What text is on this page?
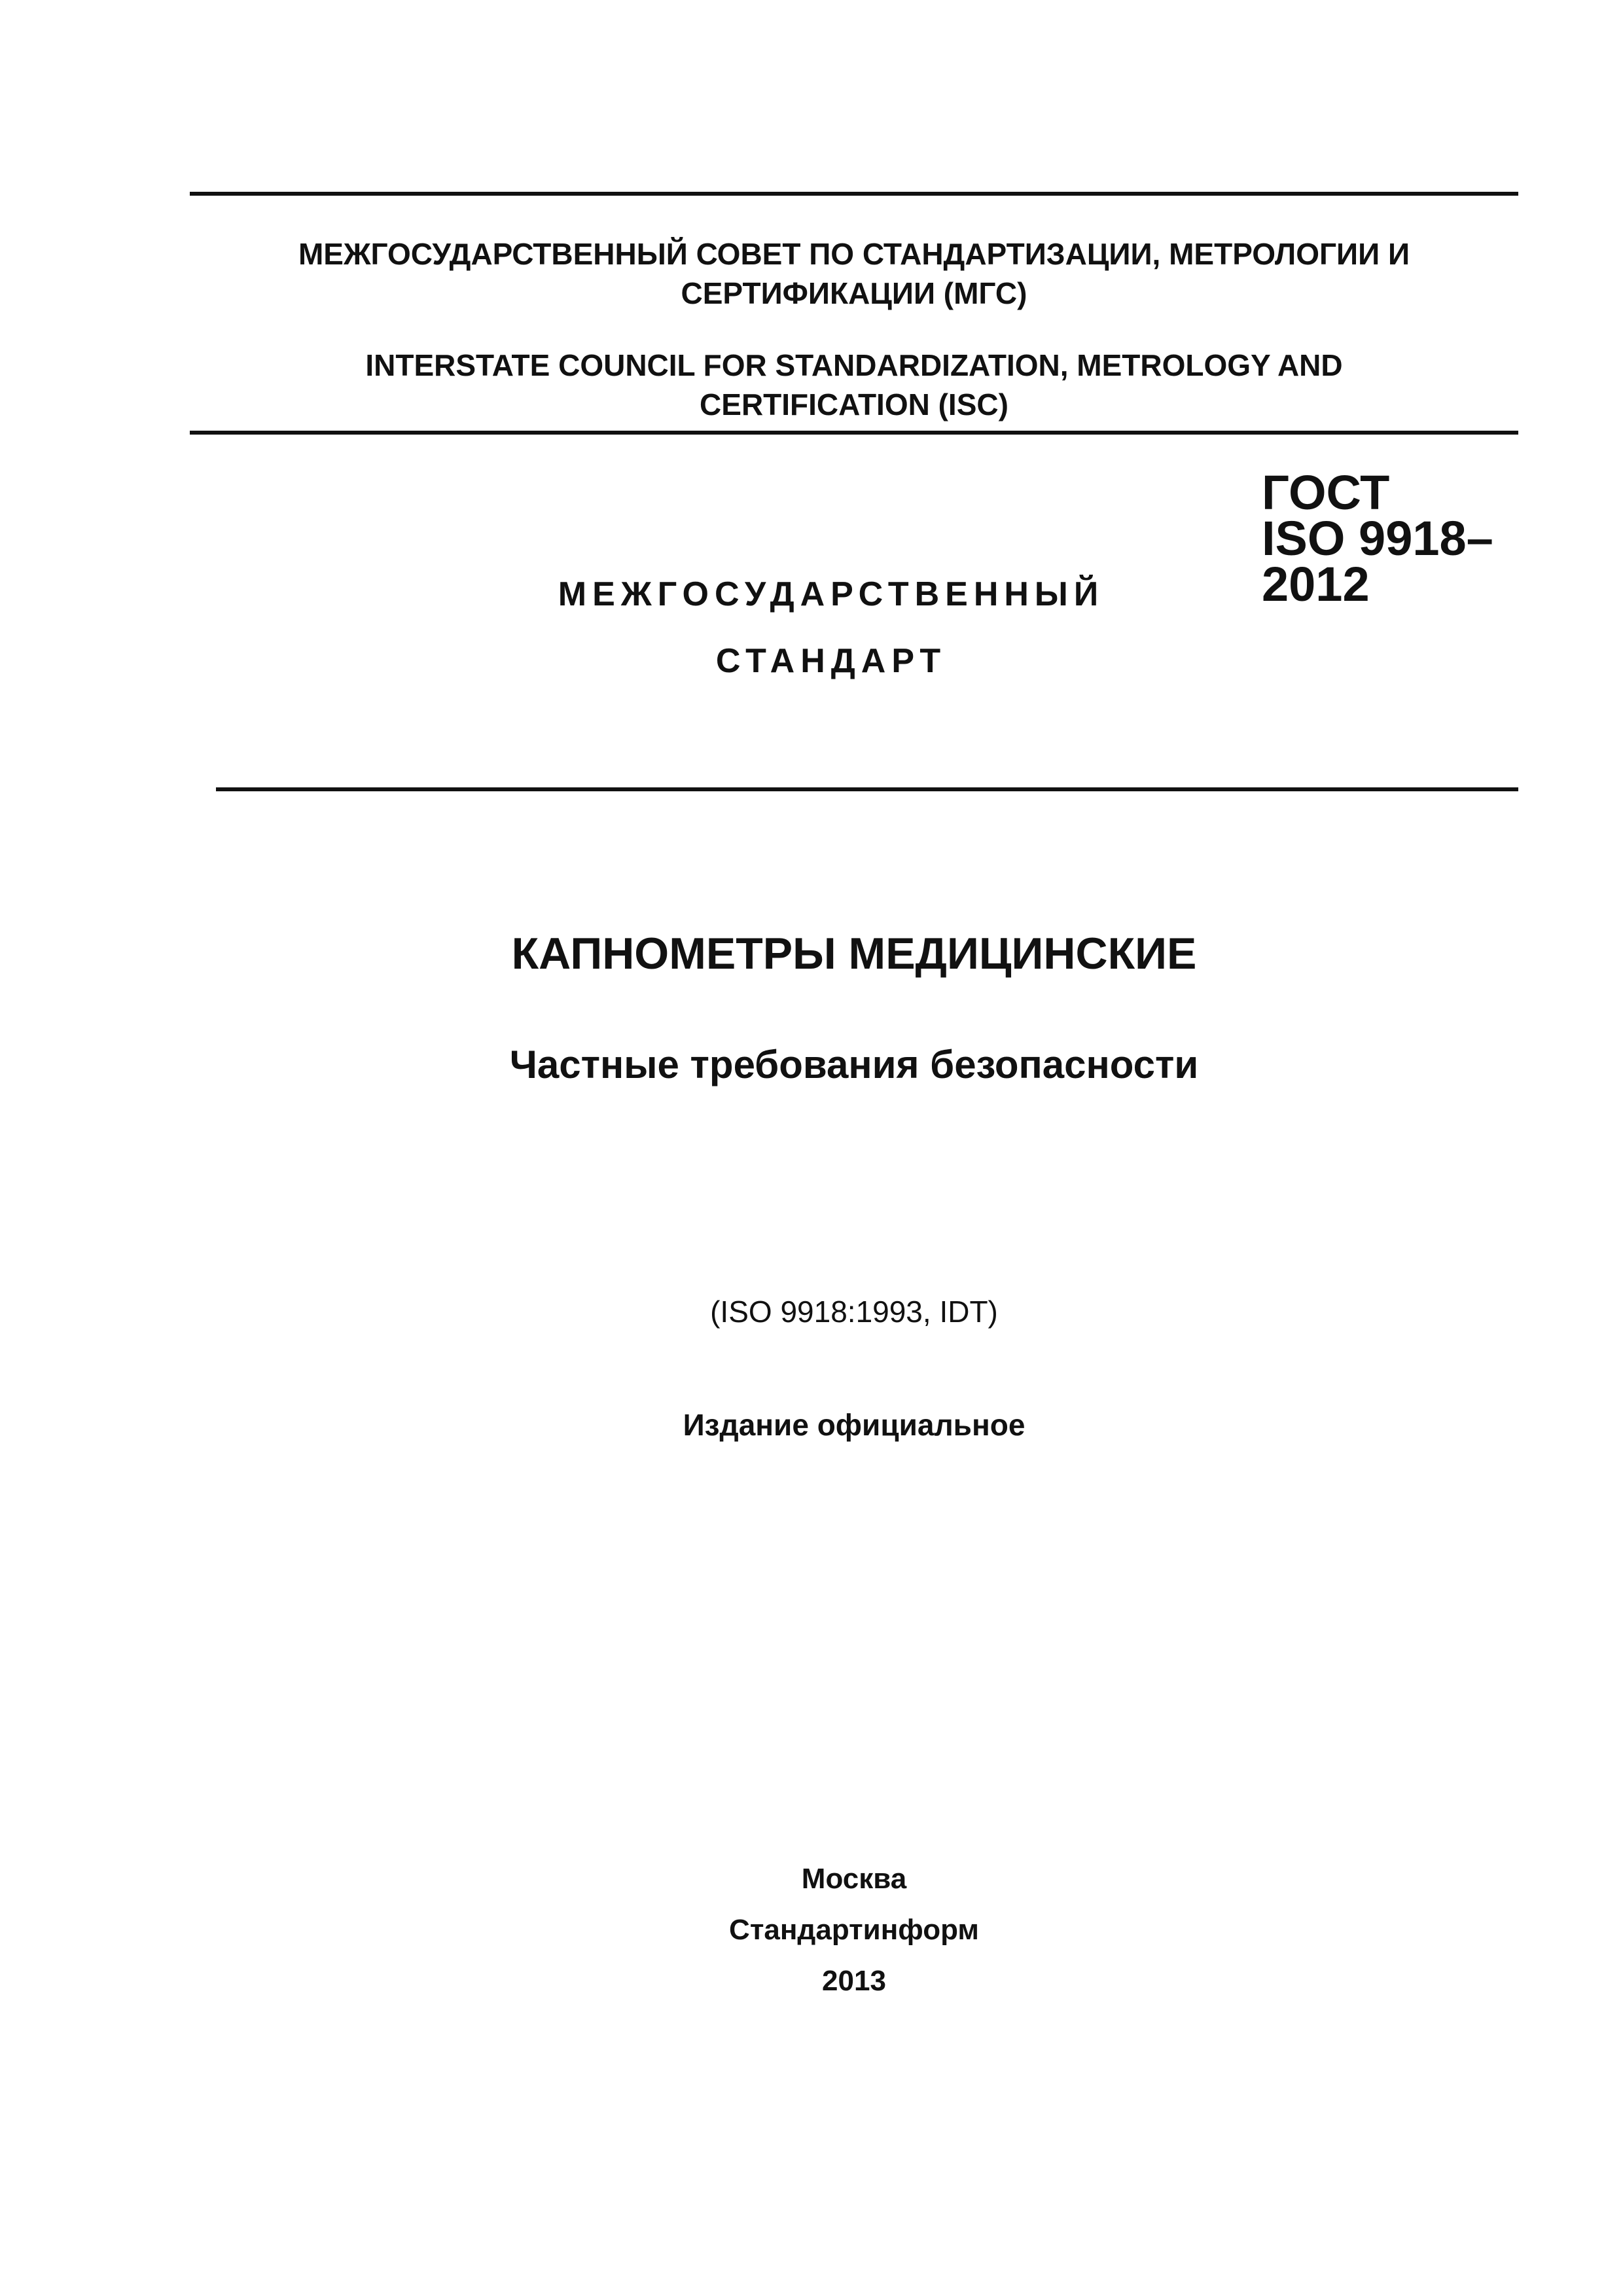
МЕЖГОСУДАРСТВЕННЫЙ СОВЕТ ПО СТАНДАРТИЗАЦИИ, МЕТРОЛОГИИ И
СЕРТИФИКАЦИИ (МГС)
INTERSTATE COUNCIL FOR STANDARDIZATION, METROLOGY AND
CERTIFICATION (ISC)
МЕЖГОСУДАРСТВЕННЫЙ
СТАНДАРТ
ГОСТ
ISO 9918–
2012
КАПНОМЕТРЫ МЕДИЦИНСКИЕ
Частные требования безопасности
(ISO 9918:1993, IDT)
Издание официальное
Москва
Стандартинформ
2013
